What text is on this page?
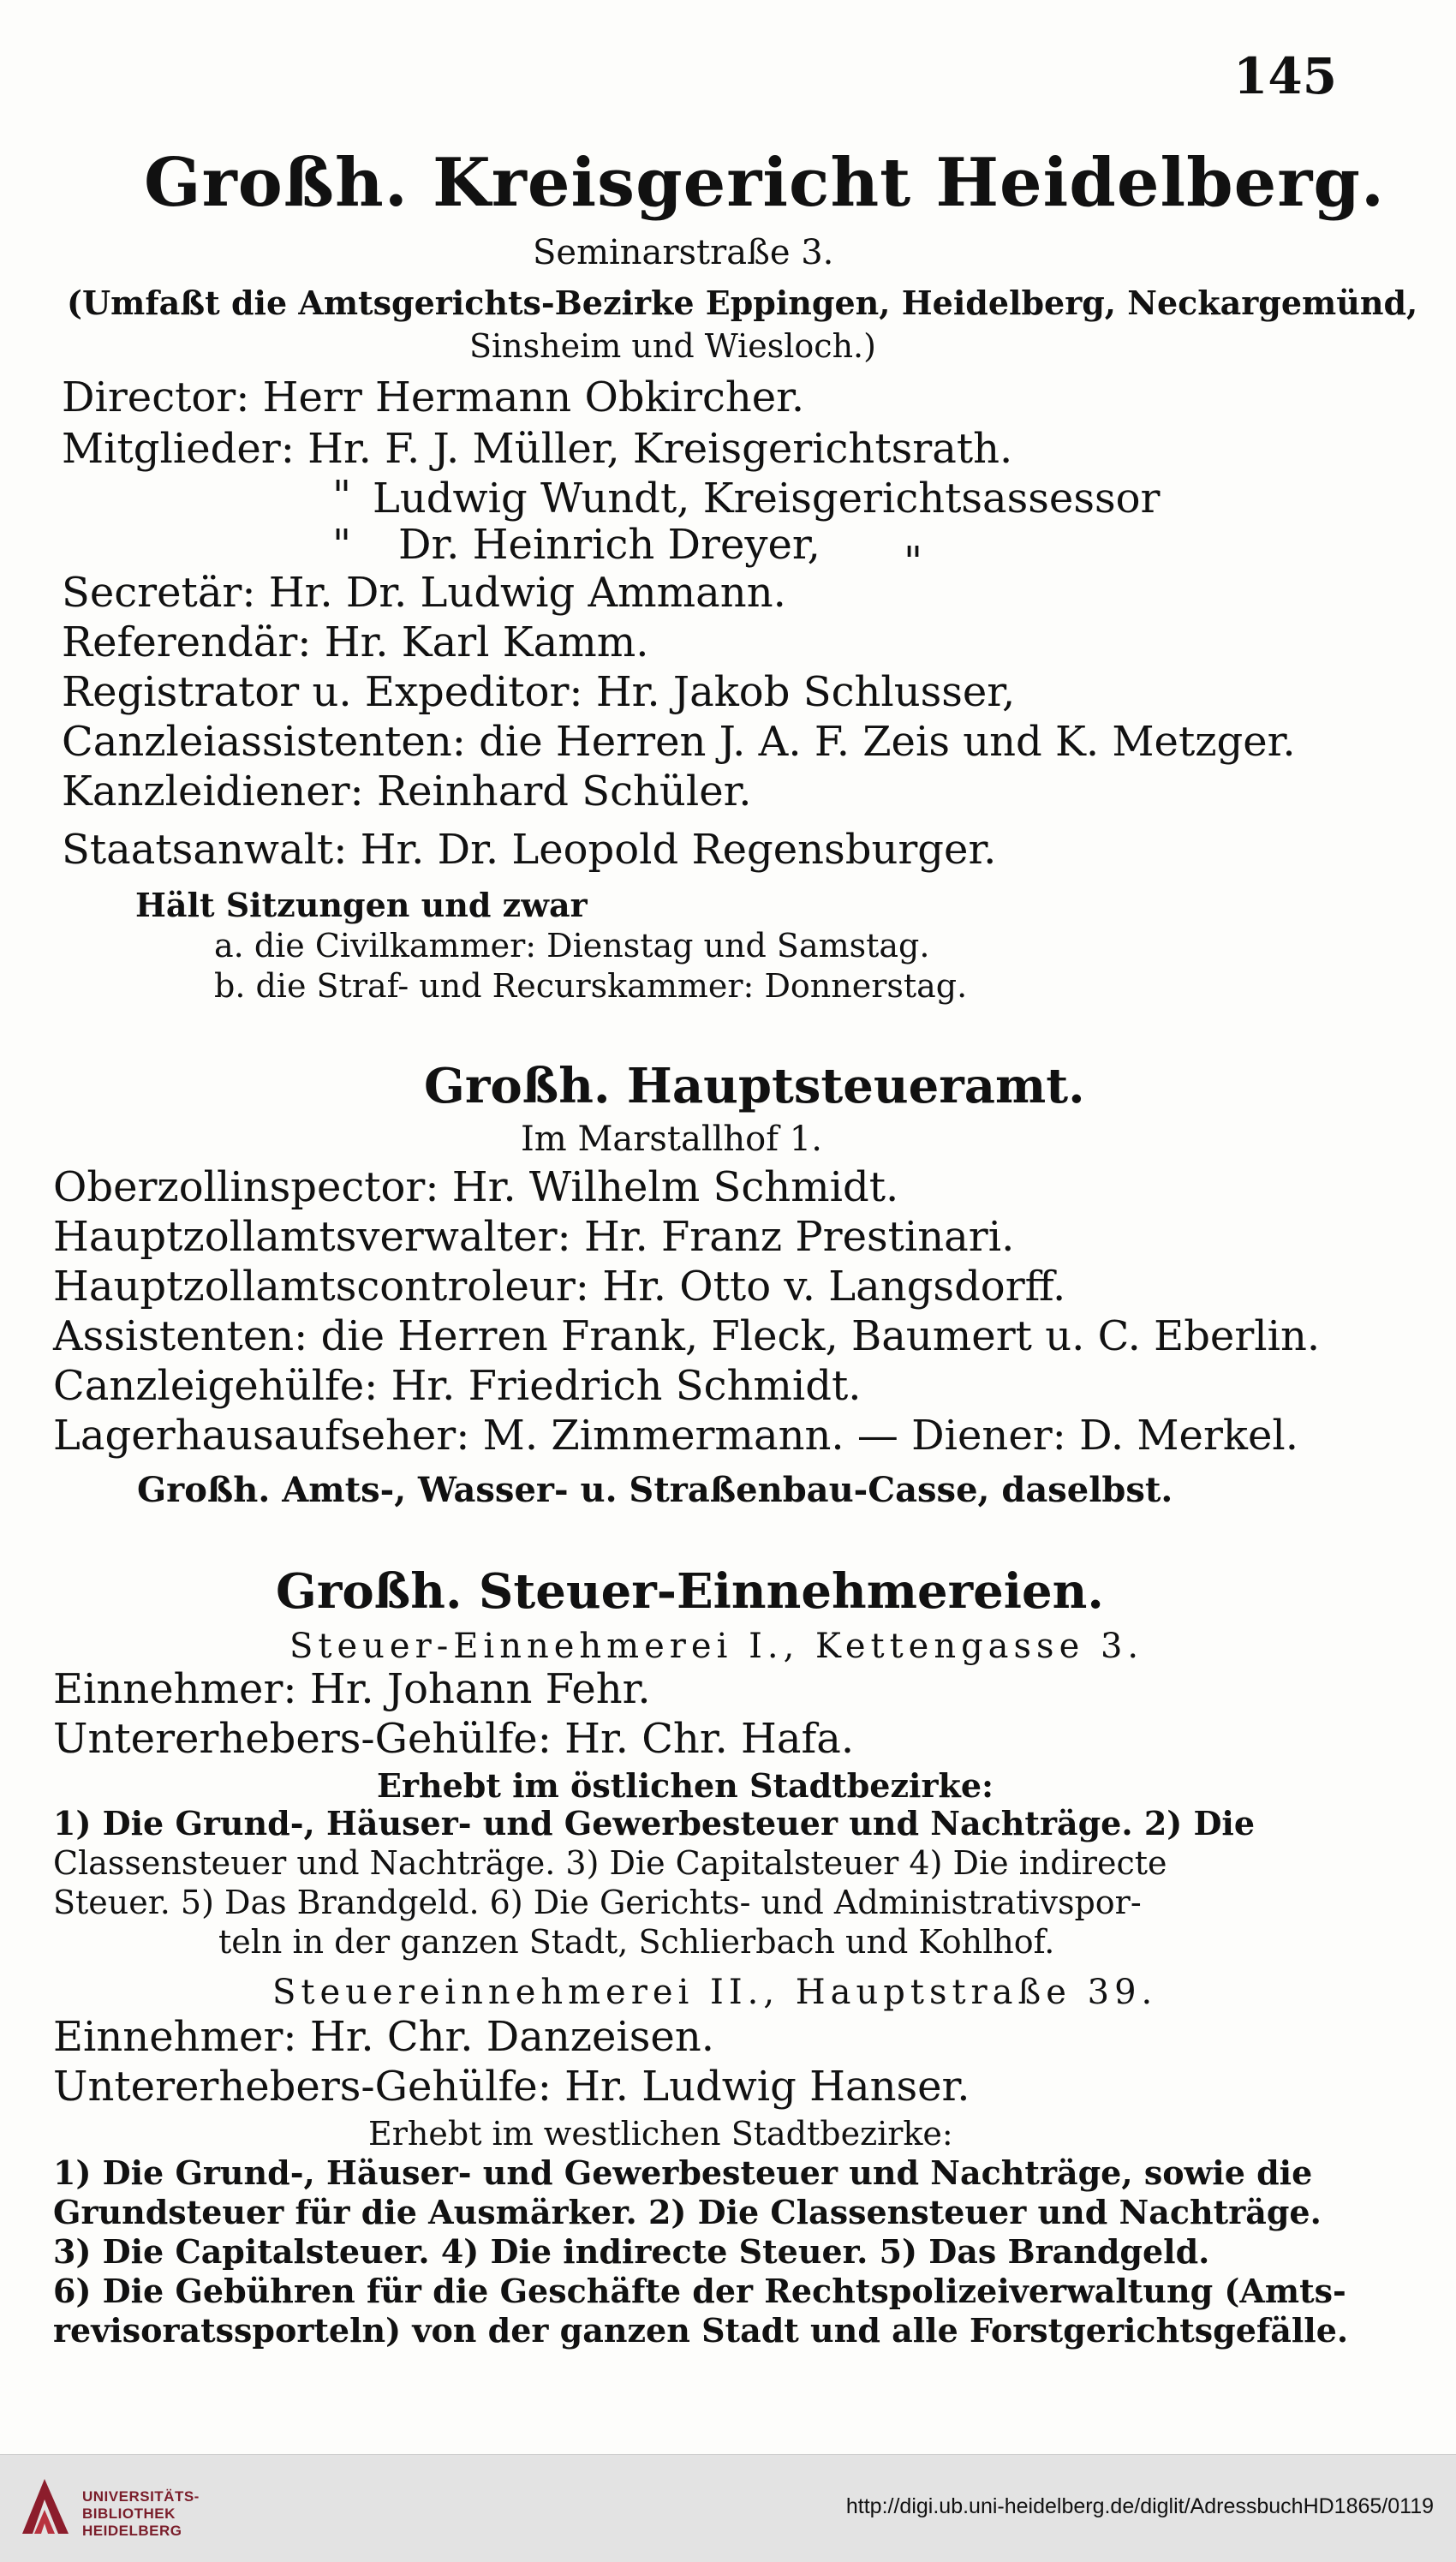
145
Großh. Kreisgericht Heidelberg.
Seminarstraße 3.
(Umfaßt die Amtsgerichts-Bezirke Eppingen, Heidelberg, Neckargemünd,
Sinsheim und Wiesloch.)
Director: Herr Hermann Obkircher.
Mitglieder: Hr. F. J. Müller, Kreisgerichtsrath.
" Ludwig Wundt, Kreisgerichtsassessor
" Dr. Heinrich Dreyer, "
Secretär: Hr. Dr. Ludwig Ammann.
Referendär: Hr. Karl Kamm.
Registrator u. Expeditor: Hr. Jakob Schlusser,
Canzleiassistenten: die Herren J. A. F. Zeis und K. Metzger.
Kanzleidiener: Reinhard Schüler.
Staatsanwalt: Hr. Dr. Leopold Regensburger.
Hält Sitzungen und zwar
a. die Civilkammer: Dienstag und Samstag.
b. die Straf- und Recurskammer: Donnerstag.
Großh. Hauptsteueramt.
Im Marstallhof 1.
Oberzollinspector: Hr. Wilhelm Schmidt.
Hauptzollamtsverwalter: Hr. Franz Prestinari.
Hauptzollamtscontroleur: Hr. Otto v. Langsdorff.
Assistenten: die Herren Frank, Fleck, Baumert u. C. Eberlin.
Canzleigehülfe: Hr. Friedrich Schmidt.
Lagerhausaufseher: M. Zimmermann. — Diener: D. Merkel.
Großh. Amts-, Wasser- u. Straßenbau-Casse, daselbst.
Großh. Steuer-Einnehmereien.
Steuer-Einnehmerei I., Kettengasse 3.
Einnehmer: Hr. Johann Fehr.
Untererhebers-Gehülfe: Hr. Chr. Hafa.
Erhebt im östlichen Stadtbezirke:
1) Die Grund-, Häuser- und Gewerbesteuer und Nachträge. 2) Die
Classensteuer und Nachträge. 3) Die Capitalsteuer 4) Die indirecte
Steuer. 5) Das Brandgeld. 6) Die Gerichts- und Administrativspor-
teln in der ganzen Stadt, Schlierbach und Kohlhof.
Steuereinnehmerei II., Hauptstraße 39.
Einnehmer: Hr. Chr. Danzeisen.
Untererhebers-Gehülfe: Hr. Ludwig Hanser.
Erhebt im westlichen Stadtbezirke:
1) Die Grund-, Häuser- und Gewerbesteuer und Nachträge, sowie die
Grundsteuer für die Ausmärker. 2) Die Classensteuer und Nachträge.
3) Die Capitalsteuer. 4) Die indirecte Steuer. 5) Das Brandgeld.
6) Die Gebühren für die Geschäfte der Rechtspolizeiverwaltung (Amts-
revisoratssporteln) von der ganzen Stadt und alle Forstgerichtsgefälle.
UNIVERSITÄTS-
BIBLIOTHEK
HEIDELBERG
http://digi.ub.uni-heidelberg.de/diglit/AdressbuchHD1865/0119
